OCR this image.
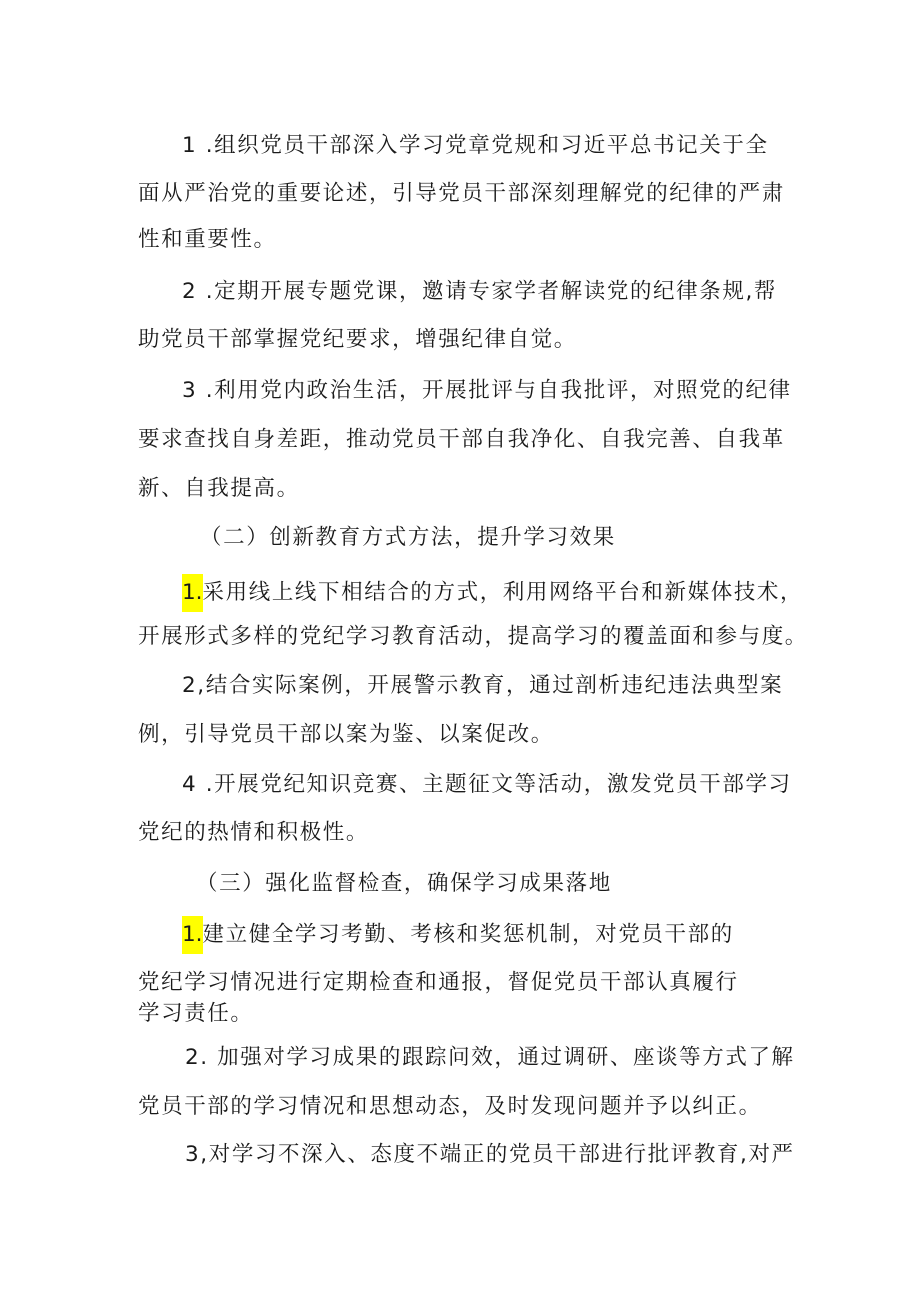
1 .组织党员干部深入学习党章党规和习近平总书记关于全
面从严治党的重要论述，引导党员干部深刻理解党的纪律的严肃
性和重要性。
2 .定期开展专题党课，邀请专家学者解读党的纪律条规,帮
助党员干部掌握党纪要求，增强纪律自觉。
3 .利用党内政治生活，开展批评与自我批评，对照党的纪律
要求查找自身差距，推动党员干部自我净化、自我完善、自我革
新、自我提高。
（二）创新教育方式方法，提升学习效果
1.采用线上线下相结合的方式，利用网络平台和新媒体技术，
开展形式多样的党纪学习教育活动，提高学习的覆盖面和参与度。
2,结合实际案例，开展警示教育，通过剖析违纪违法典型案
例，引导党员干部以案为鉴、以案促改。
4 .开展党纪知识竞赛、主题征文等活动，激发党员干部学习
党纪的热情和积极性。
（三）强化监督检查，确保学习成果落地
1.建立健全学习考勤、考核和奖惩机制，对党员干部的
党纪学习情况进行定期检查和通报，督促党员干部认真履行
学习责任。
2. 加强对学习成果的跟踪问效，通过调研、座谈等方式了解
党员干部的学习情况和思想动态，及时发现问题并予以纠正。
3,对学习不深入、态度不端正的党员干部进行批评教育,对严
